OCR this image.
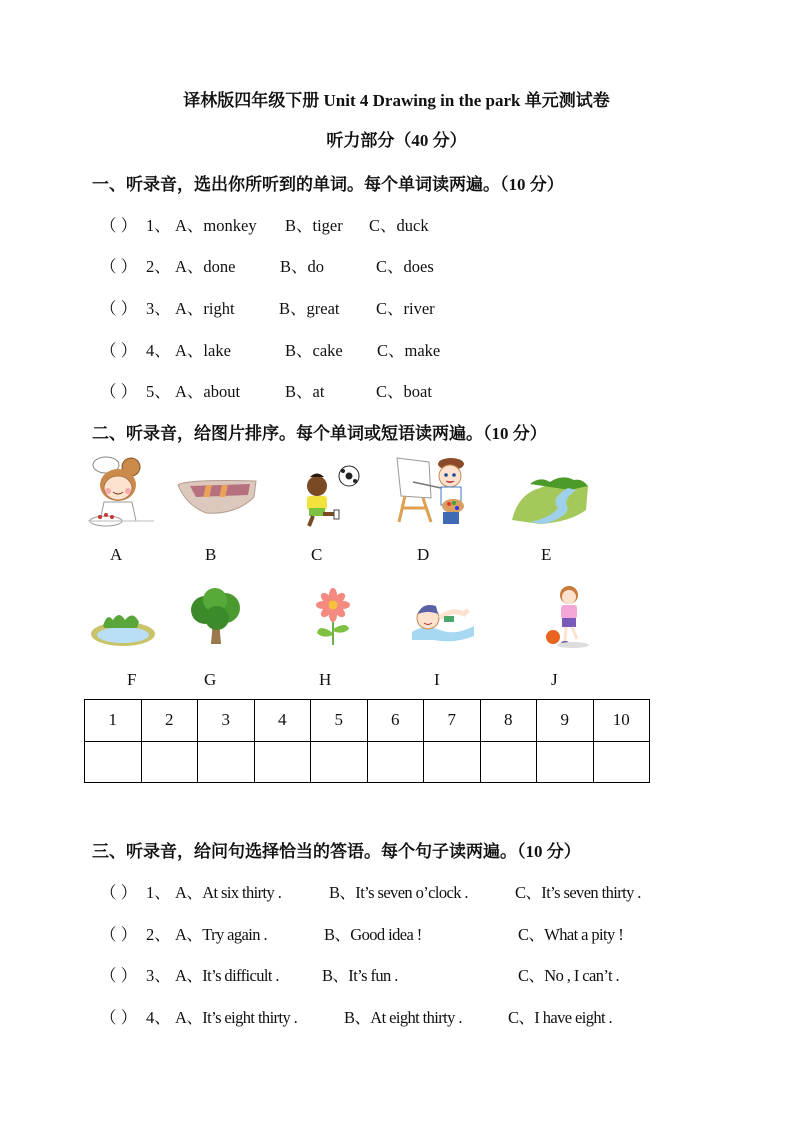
译林版四年级下册 Unit 4 Drawing in the park 单元测试卷
听力部分（40 分）
一、听录音，选出你所听到的单词。每个单词读两遍。（10 分）
（ ） 1、 A、monkey B、tiger C、duck
（ ） 2、 A、done	B、do	C、does
（ ） 3、 A、right	B、great C、river
（ ） 4、 A、lake	B、cake C、make
（ ） 5、 A、about	B、at	C、boat
二、听录音，给图片排序。每个单词或短语读两遍。（10 分）
A	B	C	D	E
F	G	H	I	J
1	2	3	4	5	6	7	8	9	10

三、听录音，给问句选择恰当的答语。每个句子读两遍。（10 分）
（ ） 1、 A、At six thirty .	B、It’s seven o’clock .	C、It’s seven thirty .
（ ） 2、 A、Try again .	B、Good idea !	C、What a pity !
（ ） 3、 A、It’s difficult .	B、It’s fun .	C、No , I can’t .
（ ） 4、 A、It’s eight thirty .	B、At eight thirty .	C、I have eight .
